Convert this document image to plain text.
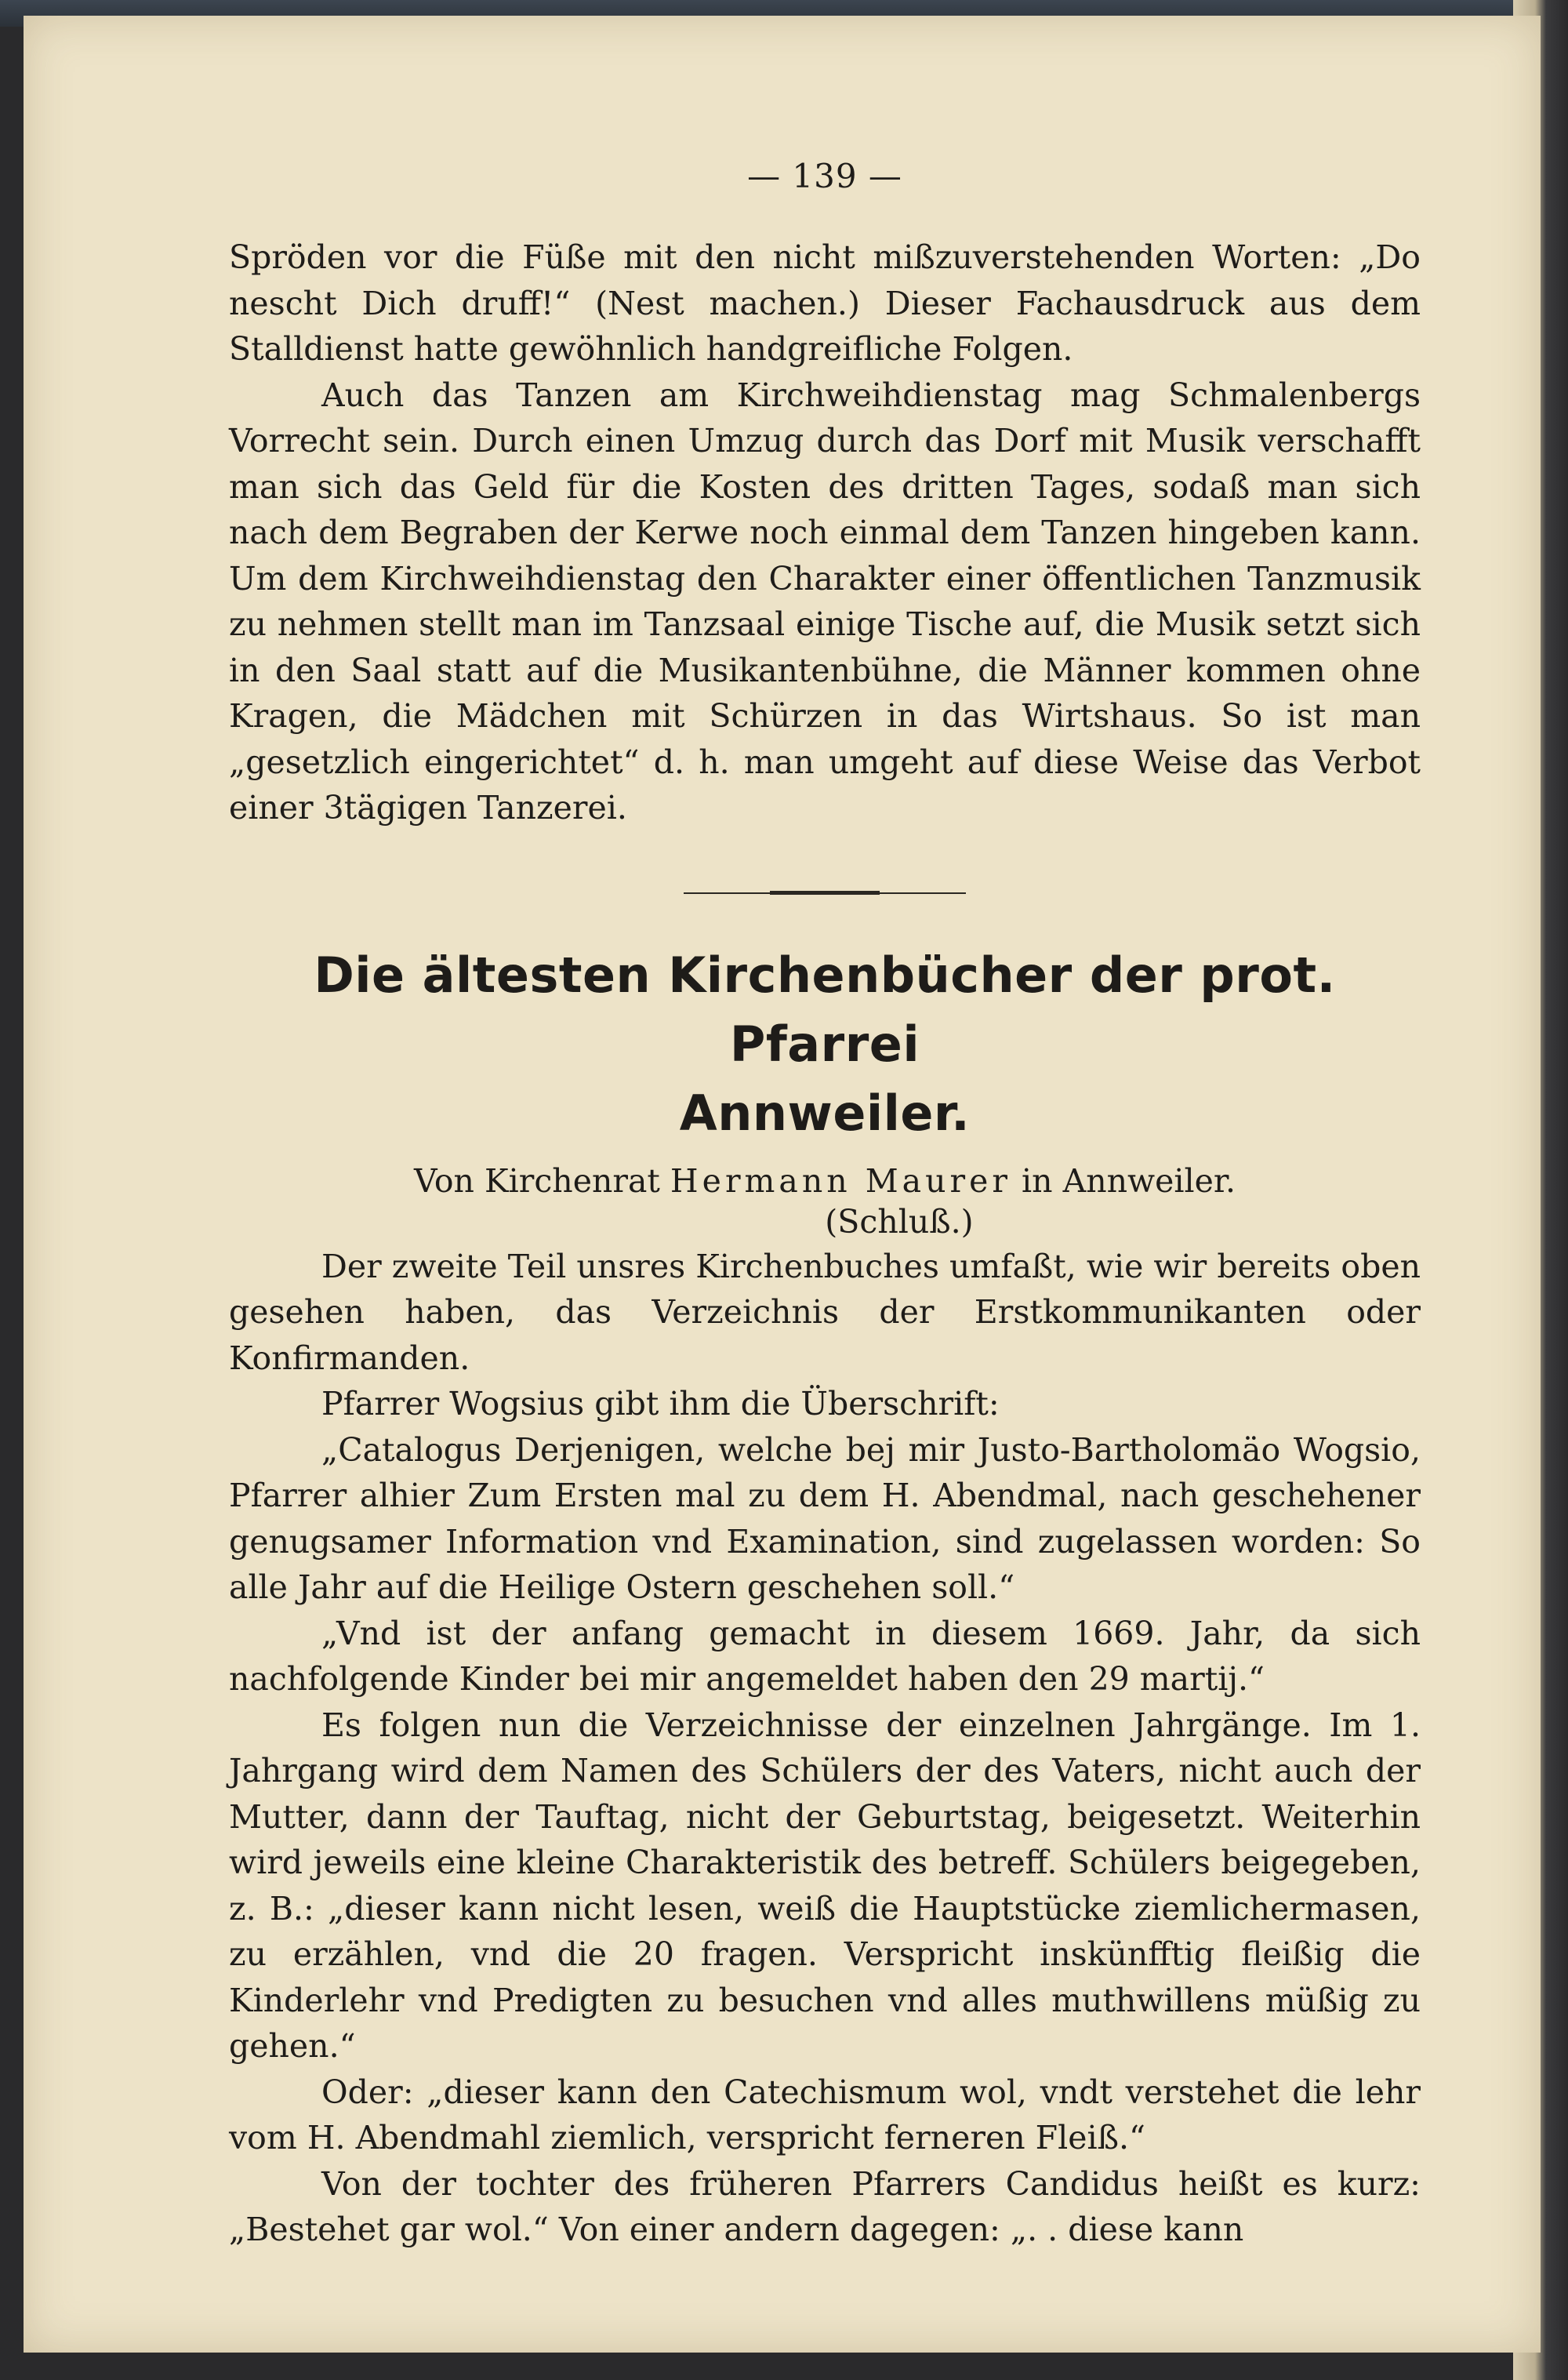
— 139 —

Spröden vor die Füße mit den nicht mißzuverstehenden Worten: „Do nescht Dich druff!“ (Nest machen.) Dieser Fachausdruck aus dem Stalldienst hatte gewöhnlich handgreifliche Folgen.

Auch das Tanzen am Kirchweihdienstag mag Schmalenbergs Vorrecht sein. Durch einen Umzug durch das Dorf mit Musik verschafft man sich das Geld für die Kosten des dritten Tages, sodaß man sich nach dem Begraben der Kerwe noch einmal dem Tanzen hingeben kann. Um dem Kirchweihdienstag den Charakter einer öffentlichen Tanzmusik zu nehmen stellt man im Tanzsaal einige Tische auf, die Musik setzt sich in den Saal statt auf die Musikantenbühne, die Männer kommen ohne Kragen, die Mädchen mit Schürzen in das Wirtshaus. So ist man „gesetzlich eingerichtet“ d. h. man umgeht auf diese Weise das Verbot einer 3tägigen Tanzerei.

Die ältesten Kirchenbücher der prot. Pfarrei
Annweiler.
Von Kirchenrat Hermann Maurer in Annweiler.
(Schluß.)

Der zweite Teil unsres Kirchenbuches umfaßt, wie wir bereits oben gesehen haben, das Verzeichnis der Erstkommunikanten oder Konfirmanden.

Pfarrer Wogsius gibt ihm die Überschrift:

„Catalogus Derjenigen, welche bej mir Justo-Bartholomäo Wogsio, Pfarrer alhier Zum Ersten mal zu dem H. Abendmal, nach geschehener genugsamer Information vnd Examination, sind zugelassen worden: So alle Jahr auf die Heilige Ostern geschehen soll.“

„Vnd ist der anfang gemacht in diesem 1669. Jahr, da sich nachfolgende Kinder bei mir angemeldet haben den 29 martij.“

Es folgen nun die Verzeichnisse der einzelnen Jahrgänge. Im 1. Jahrgang wird dem Namen des Schülers der des Vaters, nicht auch der Mutter, dann der Tauftag, nicht der Geburtstag, beigesetzt. Weiterhin wird jeweils eine kleine Charakteristik des betreff. Schülers beigegeben, z. B.: „dieser kann nicht lesen, weiß die Hauptstücke ziemlichermasen, zu erzählen, vnd die 20 fragen. Verspricht inskünfftig fleißig die Kinderlehr vnd Predigten zu besuchen vnd alles muthwillens müßig zu gehen.“

Oder: „dieser kann den Catechismum wol, vndt verstehet die lehr vom H. Abendmahl ziemlich, verspricht ferneren Fleiß.“

Von der tochter des früheren Pfarrers Candidus heißt es kurz: „Bestehet gar wol.“ Von einer andern dagegen: „. . diese kann
